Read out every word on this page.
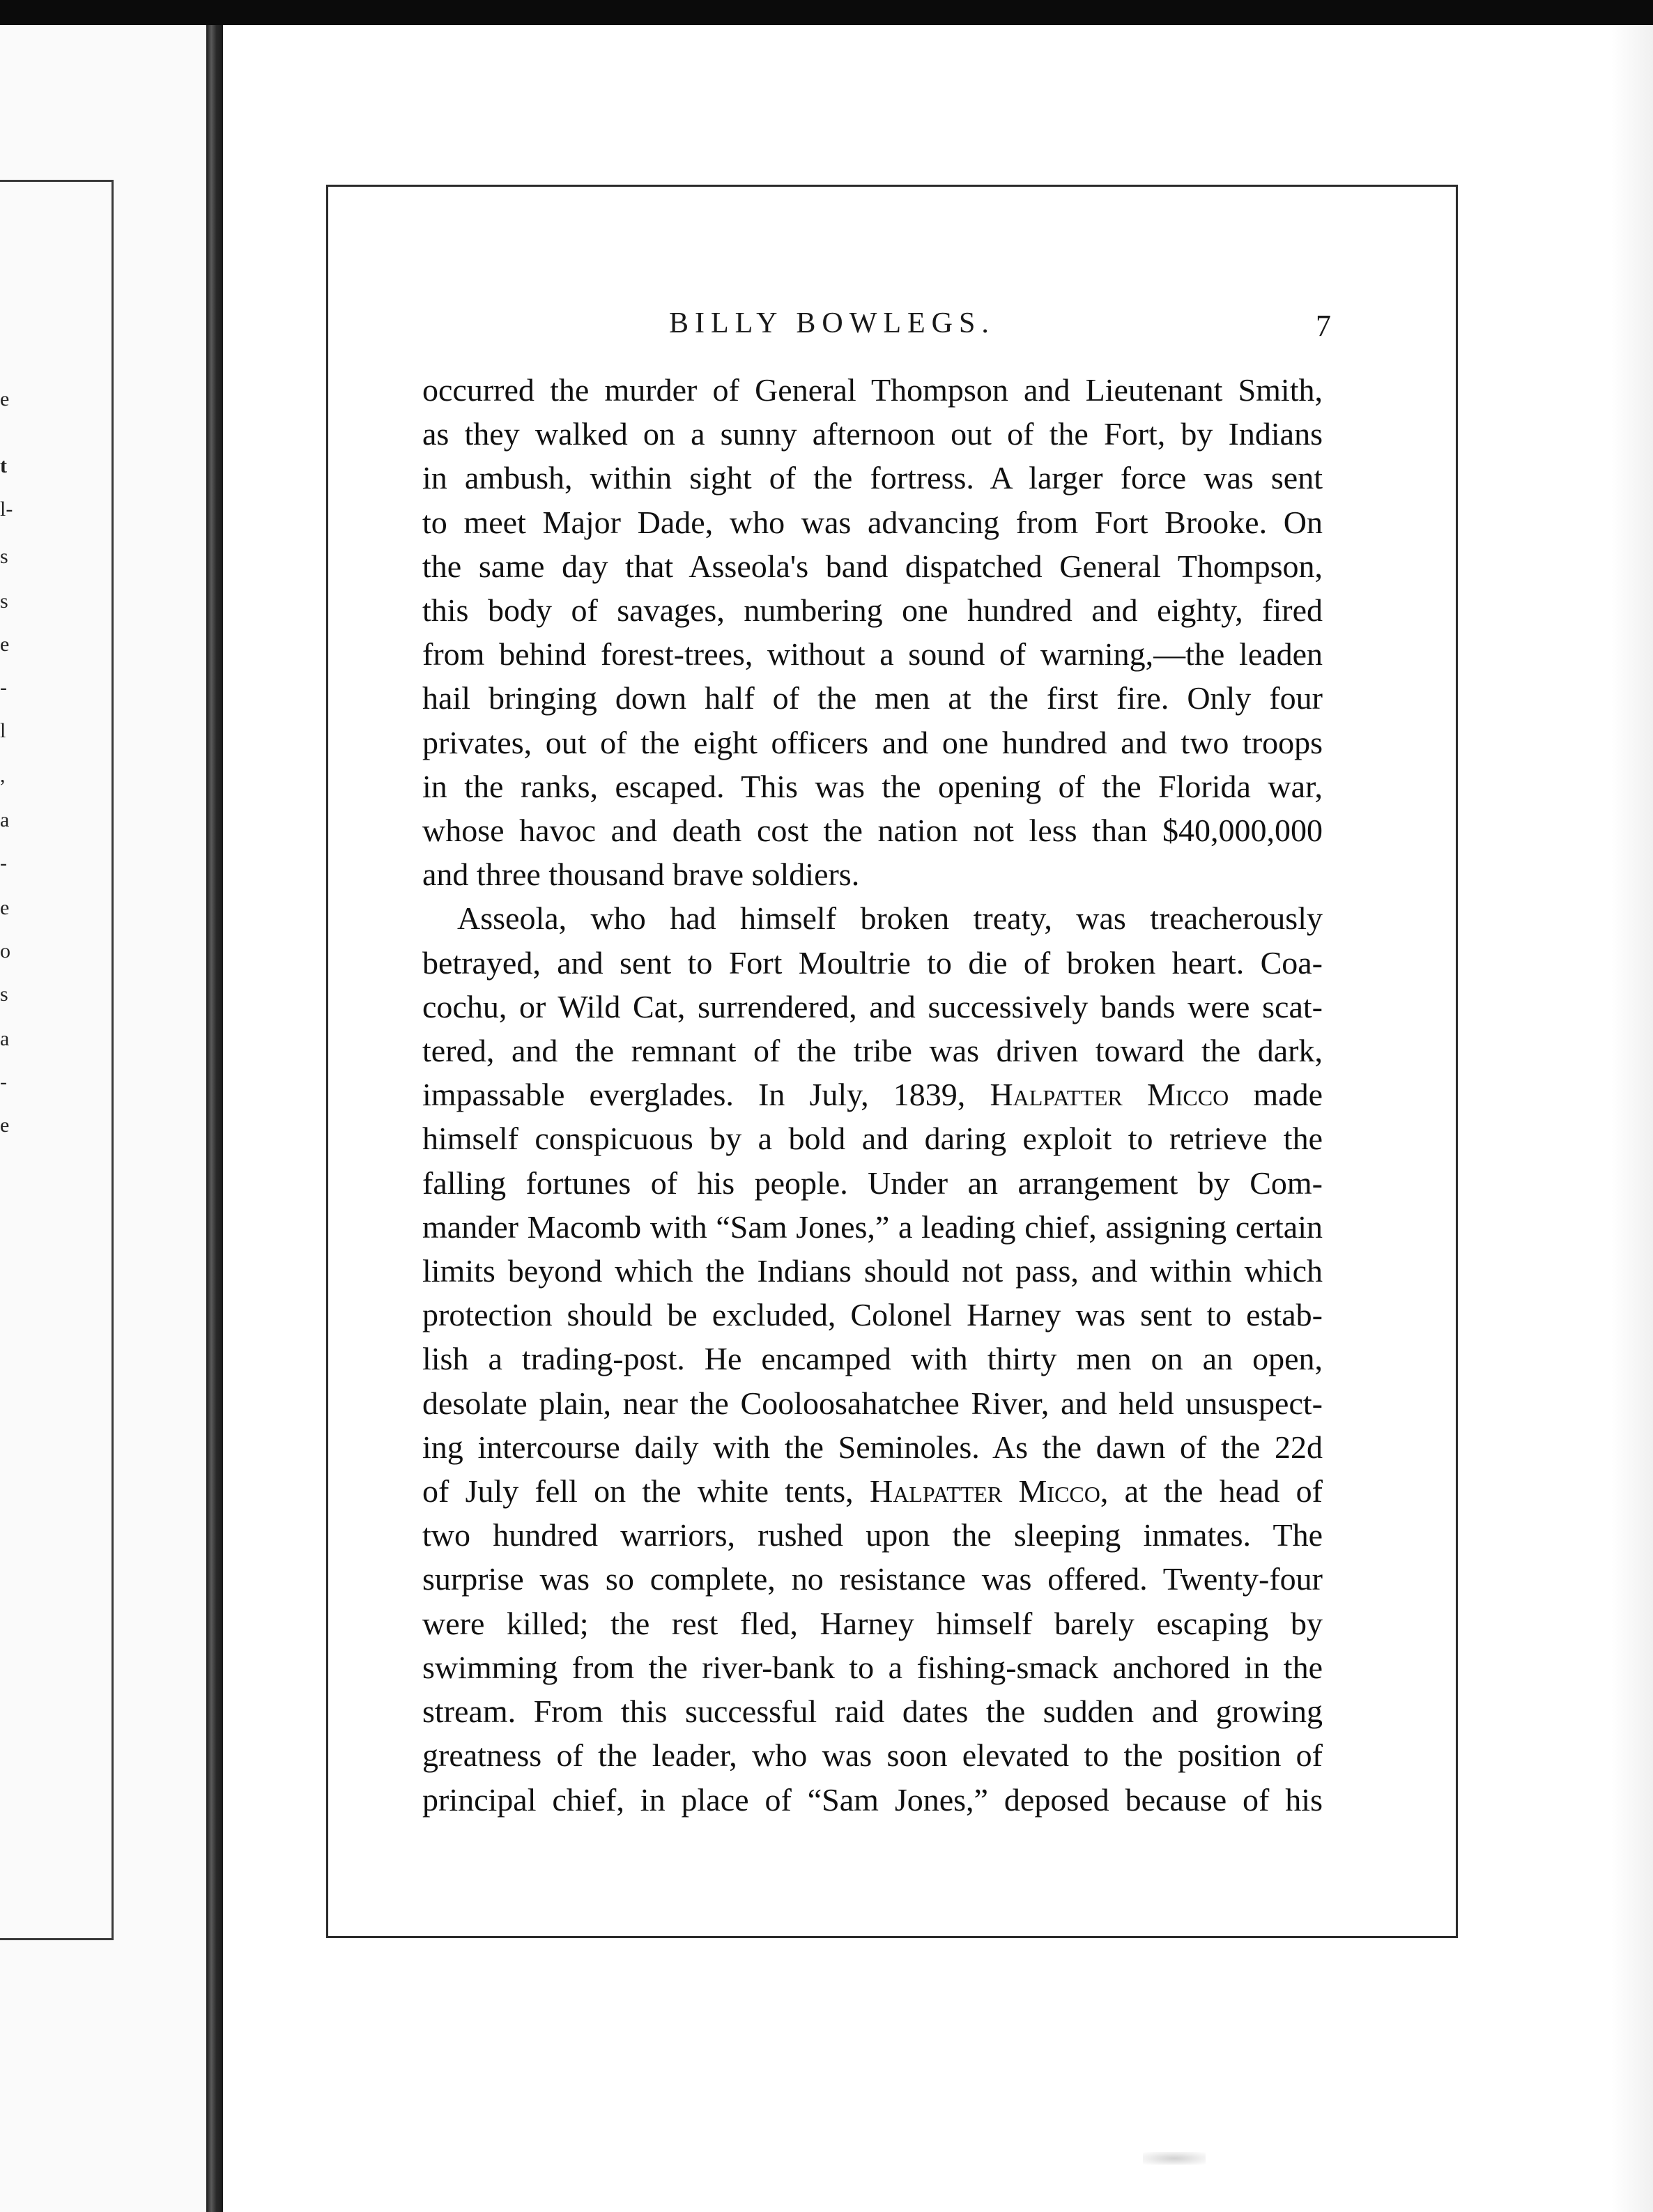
e
t
l-
s
s
e
-
l
,
a
-
e
o
s
a
-
e
BILLY BOWLEGS.	7
occurred the murder of General Thompson and Lieutenant Smith,
as they walked on a sunny afternoon out of the Fort, by Indians
in ambush, within sight of the fortress. A larger force was sent
to meet Major Dade, who was advancing from Fort Brooke. On
the same day that Asseola's band dispatched General Thompson,
this body of savages, numbering one hundred and eighty, fired
from behind forest-trees, without a sound of warning,—the leaden
hail bringing down half of the men at the first fire. Only four
privates, out of the eight officers and one hundred and two troops
in the ranks, escaped. This was the opening of the Florida war,
whose havoc and death cost the nation not less than $40,000,000
and three thousand brave soldiers.
Asseola, who had himself broken treaty, was treacherously
betrayed, and sent to Fort Moultrie to die of broken heart. Coa-
cochu, or Wild Cat, surrendered, and successively bands were scat-
tered, and the remnant of the tribe was driven toward the dark,
impassable everglades. In July, 1839, Halpatter Micco made
himself conspicuous by a bold and daring exploit to retrieve the
falling fortunes of his people. Under an arrangement by Com-
mander Macomb with “Sam Jones,” a leading chief, assigning certain
limits beyond which the Indians should not pass, and within which
protection should be excluded, Colonel Harney was sent to estab-
lish a trading-post. He encamped with thirty men on an open,
desolate plain, near the Cooloosahatchee River, and held unsuspect-
ing intercourse daily with the Seminoles. As the dawn of the 22d
of July fell on the white tents, Halpatter Micco, at the head of
two hundred warriors, rushed upon the sleeping inmates. The
surprise was so complete, no resistance was offered. Twenty-four
were killed; the rest fled, Harney himself barely escaping by
swimming from the river-bank to a fishing-smack anchored in the
stream. From this successful raid dates the sudden and growing
greatness of the leader, who was soon elevated to the position of
principal chief, in place of “Sam Jones,” deposed because of his
